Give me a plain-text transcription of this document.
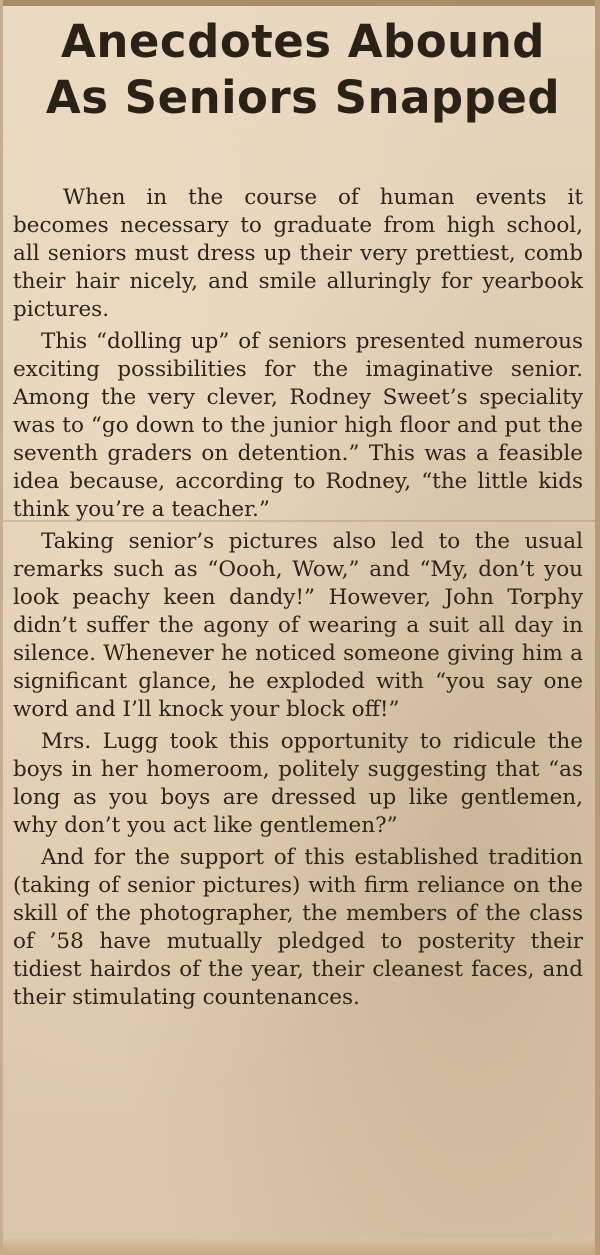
Anecdotes Abound
As Seniors Snapped

When in the course of human events it becomes necessary to graduate from high school, all seniors must dress up their very prettiest, comb their hair nicely, and smile alluringly for yearbook pictures.

This “dolling up” of seniors presented numerous exciting possibilities for the imaginative senior. Among the very clever, Rodney Sweet’s speciality was to “go down to the junior high floor and put the seventh graders on detention.” This was a feasible idea because, according to Rodney, “the little kids think you’re a teacher.”

Taking senior’s pictures also led to the usual remarks such as “Oooh, Wow,” and “My, don’t you look peachy keen dandy!” However, John Torphy didn’t suffer the agony of wearing a suit all day in silence. Whenever he noticed someone giving him a significant glance, he exploded with “you say one word and I’ll knock your block off!”

Mrs. Lugg took this opportunity to ridicule the boys in her homeroom, politely suggesting that “as long as you boys are dressed up like gentlemen, why don’t you act like gentlemen?”

And for the support of this established tradition (taking of senior pictures) with firm reliance on the skill of the photographer, the members of the class of ’58 have mutually pledged to posterity their tidiest hairdos of the year, their cleanest faces, and their stimulating countenances.
